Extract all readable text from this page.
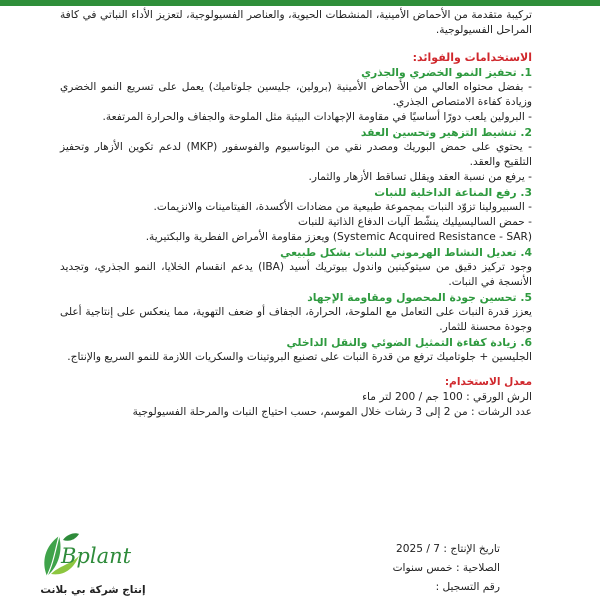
تركيبة متقدمة من الأحماض الأمينية، المنشطات الحيوية، والعناصر الفسيولوجية، لتعزيز الأداء النباتي في كافة المراحل الفسيولوجية.

الاستخدامات والفوائد:

1. تحفيز النمو الخضري والجذري

- بفضل محتواه العالي من الأحماض الأمينية (برولين، جليسين جلوتاميك) يعمل على تسريع النمو الخضري وزيادة كفاءة الامتصاص الجذري.

- البرولين يلعب دورًا أساسيًا في مقاومة الإجهادات البيئية مثل الملوحة والجفاف والحرارة المرتفعة.

2. تنشيط التزهير وتحسين العقد

- يحتوي على حمض البوريك ومصدر نقي من البوتاسيوم والفوسفور (MKP) لدعم تكوين الأزهار وتحفيز التلقيح والعقد.

- يرفع من نسبة العقد ويقلل تساقط الأزهار والثمار.

3. رفع المناعة الداخلية للنبات

- السبيرولينا تزوّد النبات بمجموعة طبيعية من مضادات الأكسدة، الفيتامينات والانزيمات.

- حمض الساليسيليك ينشّط آليات الدفاع الذاتية للنبات

(Systemic Acquired Resistance - SAR) ويعزز مقاومة الأمراض الفطرية والبكتيرية.

4. تعديل النشاط الهرموني للنبات بشكل طبيعي

وجود تركيز دقيق من سيتوكينين واندول بيوتريك أسيد (IBA) يدعم انقسام الخلايا، النمو الجذري، وتجديد الأنسجة في النبات.

5. تحسين جودة المحصول ومقاومة الإجهاد

يعزز قدرة النبات على التعامل مع الملوحة، الحرارة، الجفاف أو ضعف التهوية، مما ينعكس على إنتاجية أعلى وجودة محسنة للثمار.

6. زيادة كفاءة التمثيل الضوئي والنقل الداخلي

الجليسين + جلوتاميك ترفع من قدرة النبات على تصنيع البروتينات والسكريات اللازمة للنمو السريع والإنتاج.

معدل الاستخدام:

الرش الورقي : 100 جم / 200 لتر ماء

عدد الرشات : من 2 إلى 3 رشات خلال الموسم، حسب احتياج النبات والمرحلة الفسيولوجية

تاريخ الإنتاج : 7 / 2025

الصلاحية : خمس سنوات

رقم التسجيل :

Bplant
إنتاج شركة بي بلانت
